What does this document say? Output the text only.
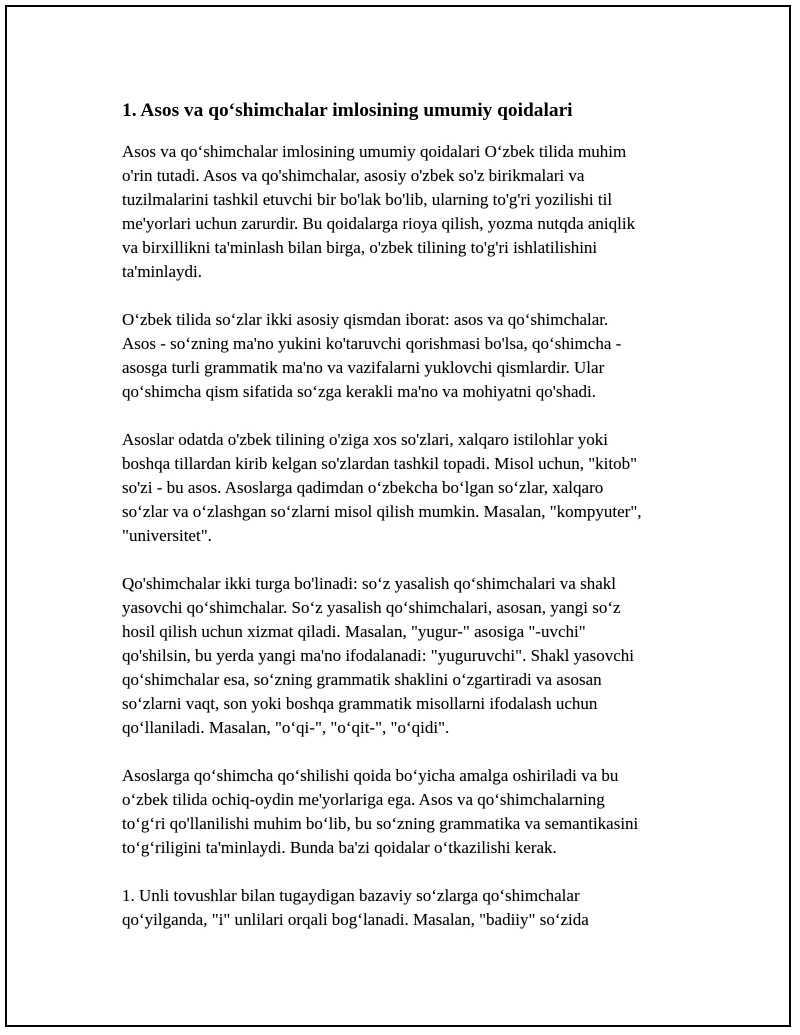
1. Asos va qo‘shimchalar imlosining umumiy qoidalari

Asos va qo‘shimchalar imlosining umumiy qoidalari O‘zbek tilida muhim
o'rin tutadi. Asos va qo'shimchalar, asosiy o'zbek so'z birikmalari va
tuzilmalarini tashkil etuvchi bir bo'lak bo'lib, ularning to'g'ri yozilishi til
me'yorlari uchun zarurdir. Bu qoidalarga rioya qilish, yozma nutqda aniqlik
va birxillikni ta'minlash bilan birga, o'zbek tilining to'g'ri ishlatilishini
ta'minlaydi.

O‘zbek tilida so‘zlar ikki asosiy qismdan iborat: asos va qo‘shimchalar.
Asos - so‘zning ma'no yukini ko'taruvchi qorishmasi bo'lsa, qo‘shimcha -
asosga turli grammatik ma'no va vazifalarni yuklovchi qismlardir. Ular
qo‘shimcha qism sifatida so‘zga kerakli ma'no va mohiyatni qo'shadi.

Asoslar odatda o'zbek tilining o'ziga xos so'zlari, xalqaro istilohlar yoki
boshqa tillardan kirib kelgan so'zlardan tashkil topadi. Misol uchun, "kitob"
so'zi - bu asos. Asoslarga qadimdan o‘zbekcha bo‘lgan so‘zlar, xalqaro
so‘zlar va o‘zlashgan so‘zlarni misol qilish mumkin. Masalan, "kompyuter",
"universitet".

Qo'shimchalar ikki turga bo'linadi: so‘z yasalish qo‘shimchalari va shakl
yasovchi qo‘shimchalar. So‘z yasalish qo‘shimchalari, asosan, yangi so‘z
hosil qilish uchun xizmat qiladi. Masalan, "yugur-" asosiga "-uvchi"
qo'shilsin, bu yerda yangi ma'no ifodalanadi: "yuguruvchi". Shakl yasovchi
qo‘shimchalar esa, so‘zning grammatik shaklini o‘zgartiradi va asosan
so‘zlarni vaqt, son yoki boshqa grammatik misollarni ifodalash uchun
qo‘llaniladi. Masalan, "o‘qi-", "o‘qit-", "o‘qidi".

Asoslarga qo‘shimcha qo‘shilishi qoida bo‘yicha amalga oshiriladi va bu
o‘zbek tilida ochiq-oydin me'yorlariga ega. Asos va qo‘shimchalarning
to‘g‘ri qo'llanilishi muhim bo‘lib, bu so‘zning grammatika va semantikasini
to‘g‘riligini ta'minlaydi. Bunda ba'zi qoidalar o‘tkazilishi kerak.

1. Unli tovushlar bilan tugaydigan bazaviy so‘zlarga qo‘shimchalar
qo‘yilganda, "i" unlilari orqali bog‘lanadi. Masalan, "badiiy" so‘zida
